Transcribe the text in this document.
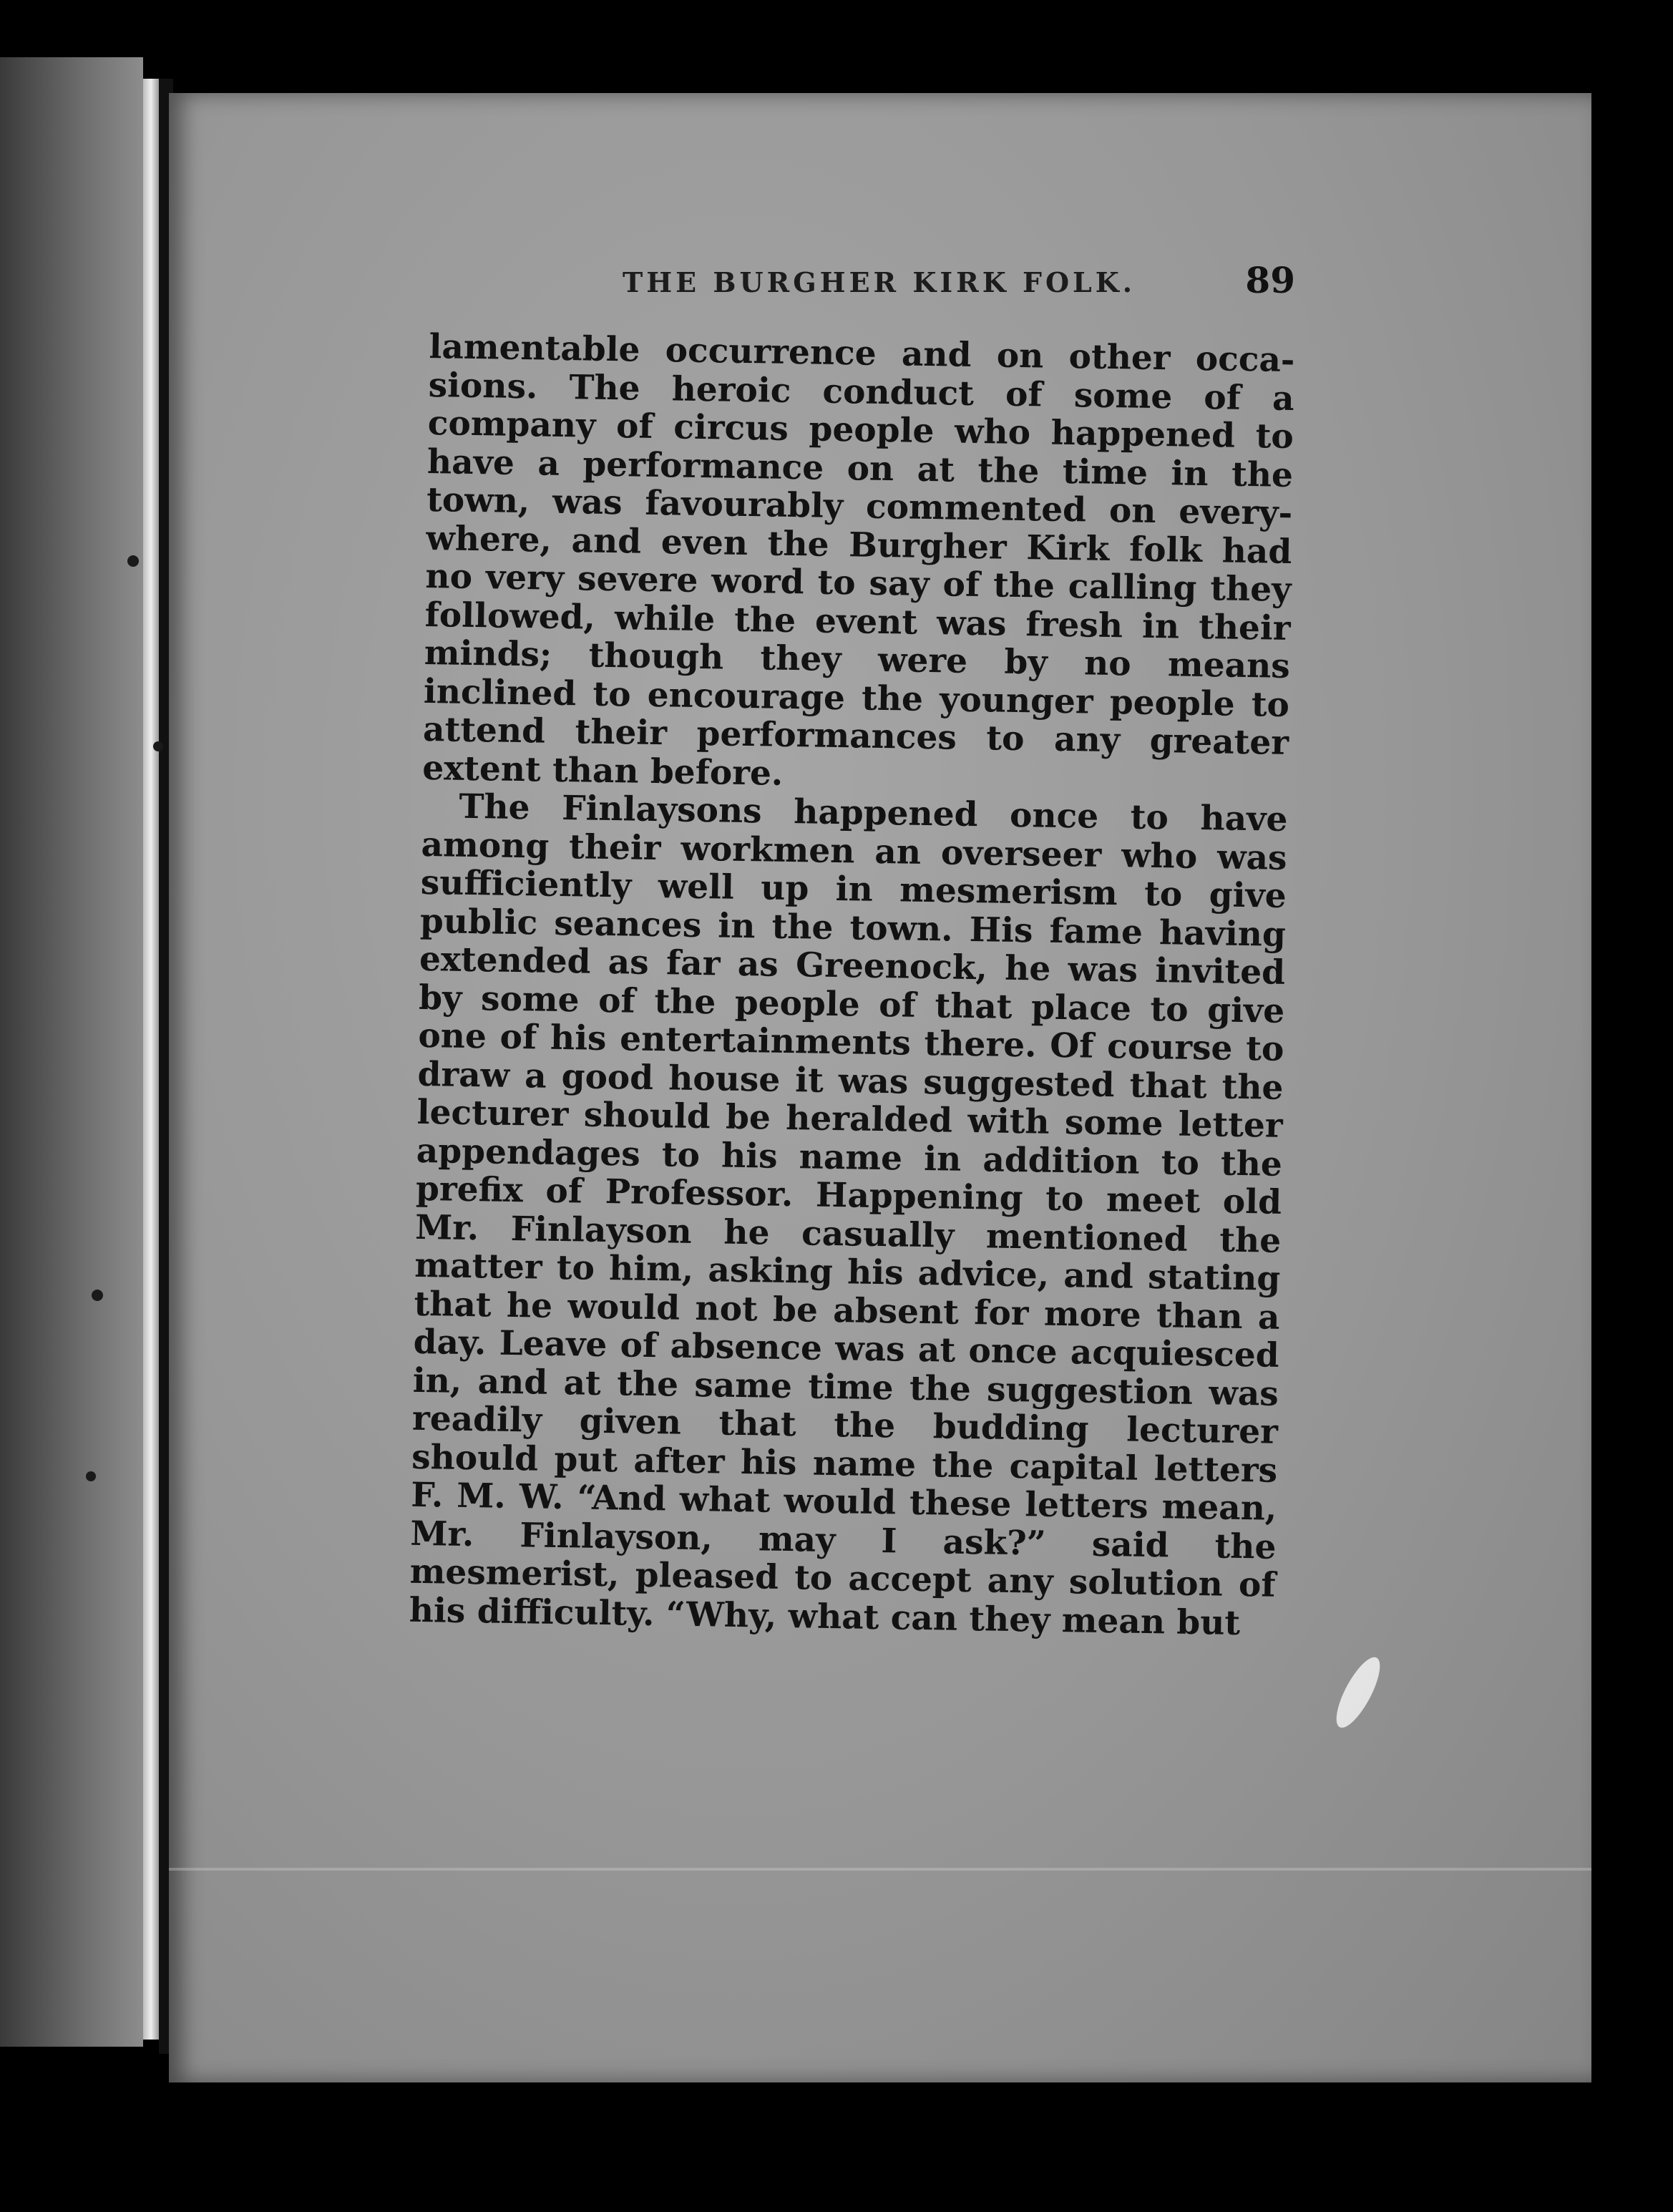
THE BURGHER KIRK FOLK.	89

lamentable occurrence and on other occasions. The heroic conduct of some of a company of circus people who happened to have a performance on at the time in the town, was favourably commented on everywhere, and even the Burgher Kirk folk had no very severe word to say of the calling they followed, while the event was fresh in their minds; though they were by no means inclined to encourage the younger people to attend their performances to any greater extent than before.

The Finlaysons happened once to have among their workmen an overseer who was sufficiently well up in mesmerism to give public seances in the town. His fame having extended as far as Greenock, he was invited by some of the people of that place to give one of his entertainments there. Of course to draw a good house it was suggested that the lecturer should be heralded with some letter appendages to his name in addition to the prefix of Professor. Happening to meet old Mr. Finlayson he casually mentioned the matter to him, asking his advice, and stating that he would not be absent for more than a day. Leave of absence was at once acquiesced in, and at the same time the suggestion was readily given that the budding lecturer should put after his name the capital letters F. M. W. “And what would these letters mean, Mr. Finlayson, may I ask?” said the mesmerist, pleased to accept any solution of his difficulty. “Why, what can they mean but
